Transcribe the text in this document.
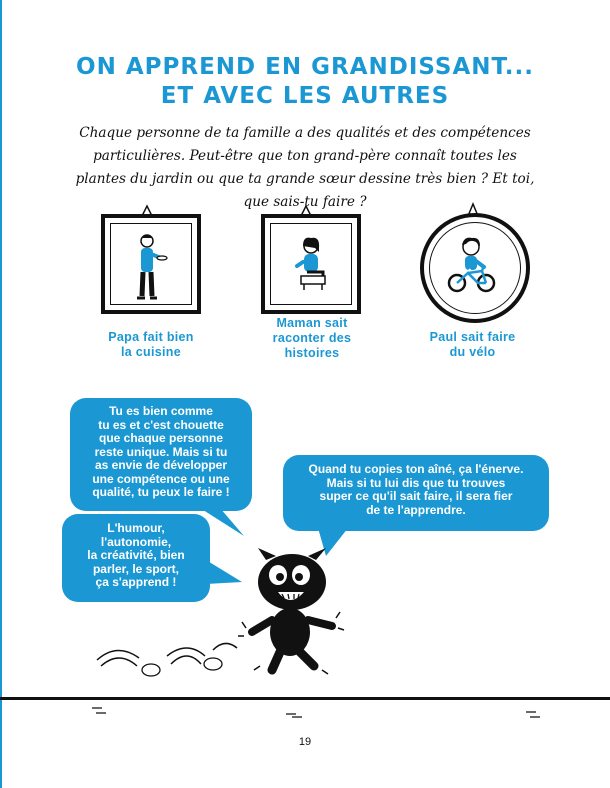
ON APPREND EN GRANDISSANT...
ET AVEC LES AUTRES
Chaque personne de ta famille a des qualités et des compétences particulières. Peut-être que ton grand-père connaît toutes les plantes du jardin ou que ta grande sœur dessine très bien ? Et toi, que sais-tu faire ?
Papa fait bien
la cuisine
Maman sait
raconter des
histoires
Paul sait faire
du vélo
Tu es bien comme
tu es et c'est chouette
que chaque personne
reste unique. Mais si tu
as envie de développer
une compétence ou une
qualité, tu peux le faire !
L'humour,
l'autonomie,
la créativité, bien
parler, le sport,
ça s'apprend !
Quand tu copies ton aîné, ça l'énerve.
Mais si tu lui dis que tu trouves
super ce qu'il sait faire, il sera fier
de te l'apprendre.
19
